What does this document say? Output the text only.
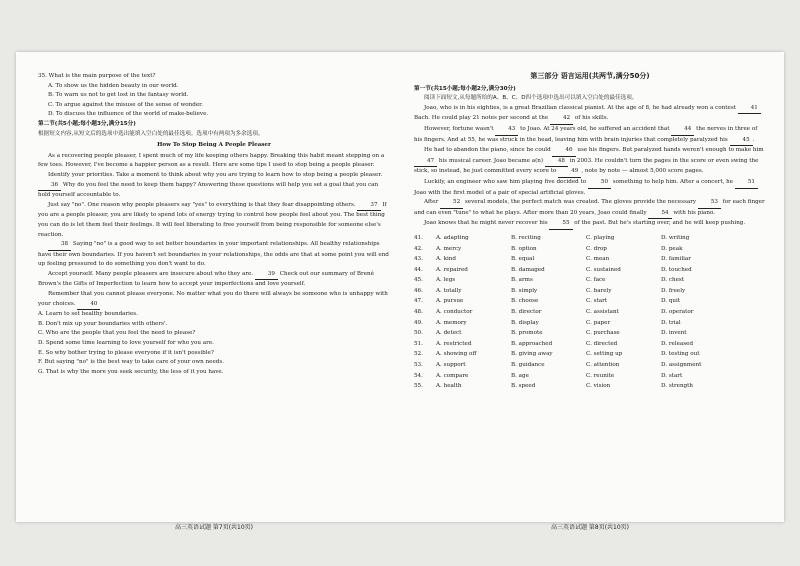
35. What is the main purpose of the text?

A. To show us the hidden beauty in our world.

B. To warn us not to get lost in the fantasy world.

C. To argue against the misuse of the sense of wonder.

D. To discuss the influence of the world of make-believe.

第二节(共5小题;每小题3分,满分15分)

根据短文内容,从短文后的选项中选出能填入空白处的最佳选项。选项中有两项为多余选项。

How To Stop Being A People Pleaser

As a recovering people pleaser, I spent much of my life keeping others happy. Breaking this habit meant stepping on a few toes. However, I've become a happier person as a result. Here are some tips I used to stop being a people pleaser.

Identify your priorities. Take a moment to think about why you are trying to learn how to stop being a people pleaser. 36 Why do you feel the need to keep them happy? Answering these questions will help you set a goal that you can hold yourself accountable to.

Just say "no". One reason why people pleasers say "yes" to everything is that they fear disappointing others. 37 If you are a people pleaser, you are likely to spend lots of energy trying to control how people feel about you. The best thing you can do is let them feel their feelings. It will feel liberating to free yourself from being responsible for someone else's reaction.

38 Saying "no" is a good way to set better boundaries in your important relationships. All healthy relationships have their own boundaries. If you haven't set boundaries in your relationships, the odds are that at some point you will end up feeling pressured to do something you don't want to do.

Accept yourself. Many people pleasers are insecure about who they are. 39 Check out our summary of Brené Brown's the Gifts of Imperfection to learn how to accept your imperfections and love yourself.

Remember that you cannot please everyone. No matter what you do there will always be someone who is unhappy with your choices. 40

A. Learn to set healthy boundaries.

B. Don't mix up your boundaries with others'.

C. Who are the people that you feel the need to please?

D. Spend some time learning to love yourself for who you are.

E. So why bother trying to please everyone if it isn't possible?

F. But saying "no" is the best way to take care of your own needs.

G. That is why the more you seek security, the less of it you have.

高三英语试题 第7页(共10页)

第三部分 语言运用(共两节,满分50分)

第一节(共15小题;每小题2分,满分30分)

阅读下面短文,从每题所给的A、B、C、D四个选项中选出可以填入空白处的最佳选项。

Joao, who is in his eighties, is a great Brazilian classical pianist. At the age of 8, he had already won a contest 41 Bach. He could play 21 notes per second at the 42 of his skills.

However, fortune wasn't 43 to Joao. At 24 years old, he suffered an accident that 44 the nerves in three of his fingers. And at 55, he was struck in the head, leaving him with brain injuries that completely paralyzed his 45 .

He had to abandon the piano, since he could 46 use his fingers. But paralyzed hands weren't enough to make him 47 his musical career. Joao became a(n) 48 in 2003. He couldn't turn the pages in the score or even swing the stick, so instead, he just committed every score to 49 , note by note — almost 5,000 score pages.

Luckily, an engineer who saw him playing five decided to 50 something to help him. After a concert, he 51 Joao with the first model of a pair of special artificial gloves.

After 52 several models, the perfect match was created. The gloves provide the necessary 53 for each finger and can even "tune" to what he plays. After more than 20 years, Joao could finally 54 with his piano.

Joao knows that he might never recover his 55 of the past. But he's starting over, and he will keep pushing.

41.	A. adapting	B. reciting	C. playing	D. writing
42.	A. mercy	B. option	C. drop	D. peak
43.	A. kind	B. equal	C. mean	D. familiar
44.	A. repaired	B. damaged	C. sustained	D. touched
45.	A. legs	B. arms	C. face	D. chest
46.	A. totally	B. simply	C. barely	D. freely
47.	A. pursue	B. choose	C. start	D. quit
48.	A. conductor	B. director	C. assistant	D. operator
49.	A. memory	B. display	C. paper	D. trial
50.	A. detect	B. promote	C. purchase	D. invent
51.	A. restricted	B. approached	C. directed	D. released
52.	A. showing off	B. giving away	C. setting up	D. testing out
53.	A. support	B. guidance	C. attention	D. assignment
54.	A. compare	B. age	C. reunite	D. start
55.	A. health	B. speed	C. vision	D. strength
高三英语试题 第8页(共10页)
